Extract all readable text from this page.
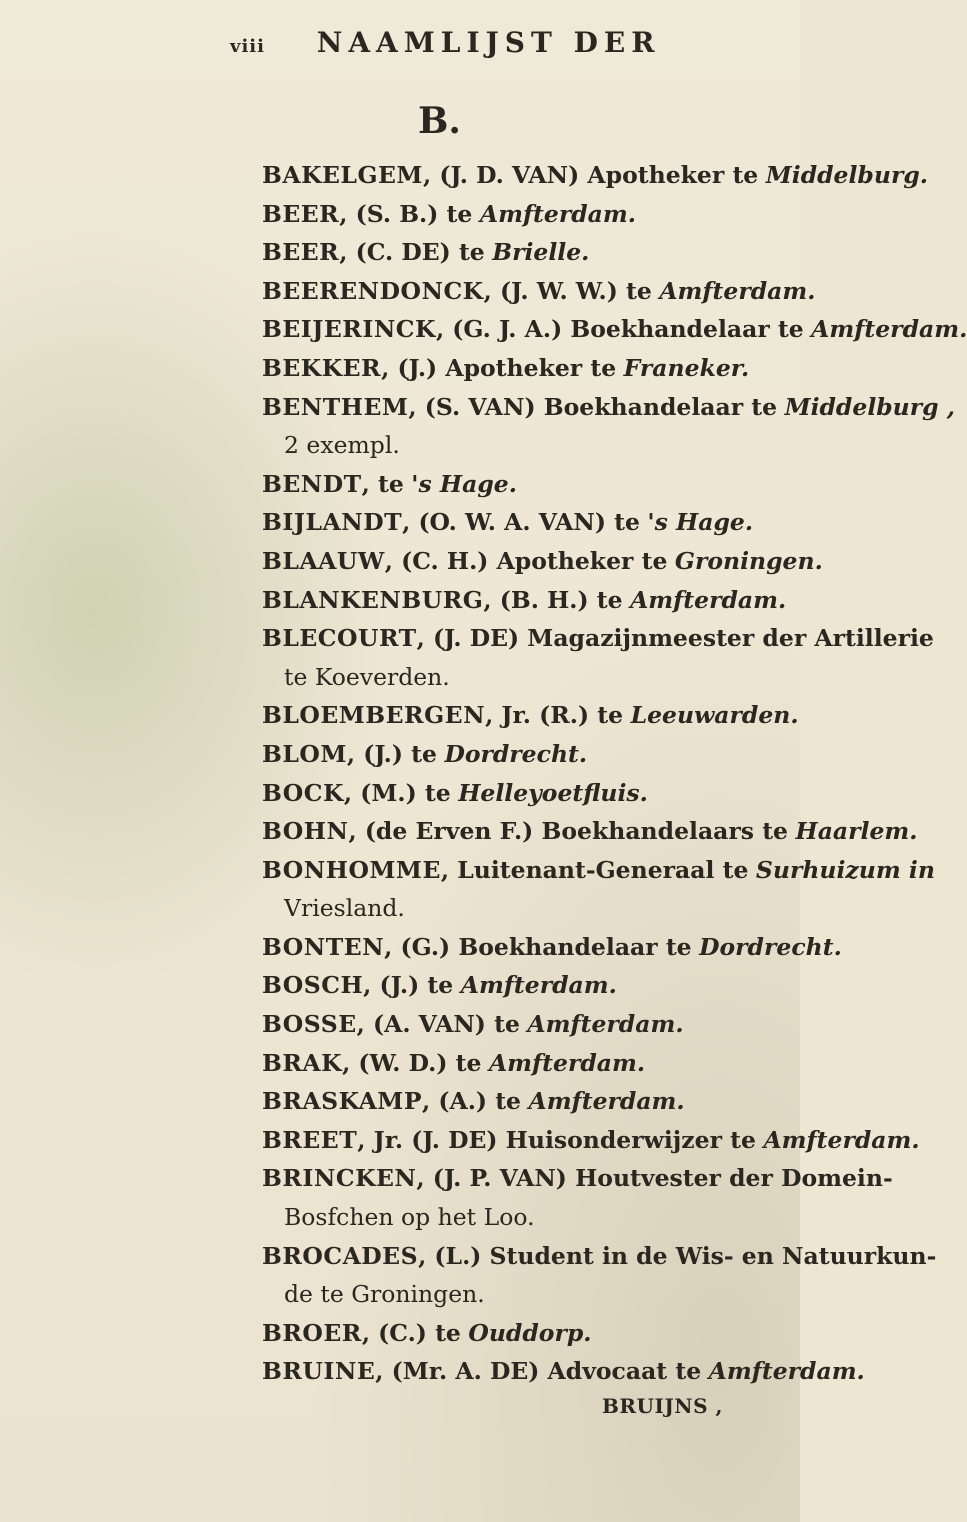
viii NAAMLIJST DER
B.
BAKELGEM, (J. D. VAN) Apotheker te Middelburg.
BEER, (S. B.) te Amfterdam.
BEER, (C. DE) te Brielle.
BEERENDONCK, (J. W. W.) te Amfterdam.
BEIJERINCK, (G. J. A.) Boekhandelaar te Amfterdam.
BEKKER, (J.) Apotheker te Franeker.
BENTHEM, (S. VAN) Boekhandelaar te Middelburg ,
2 exempl.
BENDT, te 's Hage.
BIJLANDT, (O. W. A. VAN) te 's Hage.
BLAAUW, (C. H.) Apotheker te Groningen.
BLANKENBURG, (B. H.) te Amfterdam.
BLECOURT, (J. DE) Magazijnmeester der Artillerie
te Koeverden.
BLOEMBERGEN, Jr. (R.) te Leeuwarden.
BLOM, (J.) te Dordrecht.
BOCK, (M.) te Helleyoetfluis.
BOHN, (de Erven F.) Boekhandelaars te Haarlem.
BONHOMME, Luitenant-Generaal te Surhuizum in
Vriesland.
BONTEN, (G.) Boekhandelaar te Dordrecht.
BOSCH, (J.) te Amfterdam.
BOSSE, (A. VAN) te Amfterdam.
BRAK, (W. D.) te Amfterdam.
BRASKAMP, (A.) te Amfterdam.
BREET, Jr. (J. DE) Huisonderwijzer te Amfterdam.
BRINCKEN, (J. P. VAN) Houtvester der Domein-
Bosfchen op het Loo.
BROCADES, (L.) Student in de Wis- en Natuurkun-
de te Groningen.
BROER, (C.) te Ouddorp.
BRUINE, (Mr. A. DE) Advocaat te Amfterdam.
BRUIJNS ,
